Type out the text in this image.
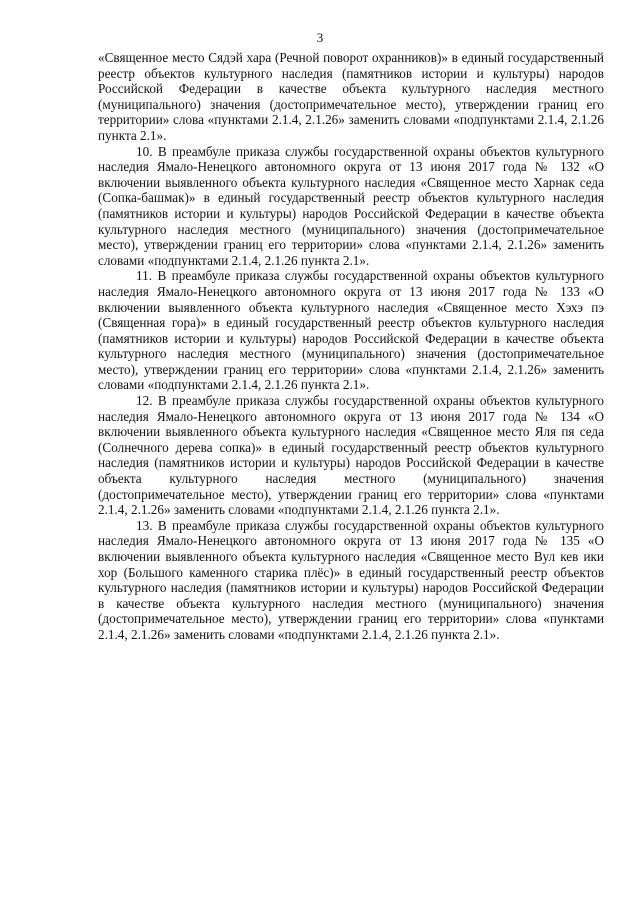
3

«Священное место Сядэй хара (Речной поворот охранников)» в единый государственный реестр объектов культурного наследия (памятников истории и культуры) народов Российской Федерации в качестве объекта культурного наследия местного (муниципального) значения (достопримечательное место), утверждении границ его территории» слова «пунктами 2.1.4, 2.1.26» заменить словами «подпунктами 2.1.4, 2.1.26 пункта 2.1».

10. В преамбуле приказа службы государственной охраны объектов культурного наследия Ямало-Ненецкого автономного округа от 13 июня 2017 года № 132 «О включении выявленного объекта культурного наследия «Священное место Харнак седа (Сопка-башмак)» в единый государственный реестр объектов культурного наследия (памятников истории и культуры) народов Российской Федерации в качестве объекта культурного наследия местного (муниципального) значения (достопримечательное место), утверждении границ его территории» слова «пунктами 2.1.4, 2.1.26» заменить словами «подпунктами 2.1.4, 2.1.26 пункта 2.1».

11. В преамбуле приказа службы государственной охраны объектов культурного наследия Ямало-Ненецкого автономного округа от 13 июня 2017 года № 133 «О включении выявленного объекта культурного наследия «Священное место Хэхэ пэ (Священная гора)» в единый государственный реестр объектов культурного наследия (памятников истории и культуры) народов Российской Федерации в качестве объекта культурного наследия местного (муниципального) значения (достопримечательное место), утверждении границ его территории» слова «пунктами 2.1.4, 2.1.26» заменить словами «подпунктами 2.1.4, 2.1.26 пункта 2.1».

12. В преамбуле приказа службы государственной охраны объектов культурного наследия Ямало-Ненецкого автономного округа от 13 июня 2017 года № 134 «О включении выявленного объекта культурного наследия «Священное место Яля пя седа (Солнечного дерева сопка)» в единый государственный реестр объектов культурного наследия (памятников истории и культуры) народов Российской Федерации в качестве объекта культурного наследия местного (муниципального) значения (достопримечательное место), утверждении границ его территории» слова «пунктами 2.1.4, 2.1.26» заменить словами «подпунктами 2.1.4, 2.1.26 пункта 2.1».

13. В преамбуле приказа службы государственной охраны объектов культурного наследия Ямало-Ненецкого автономного округа от 13 июня 2017 года № 135 «О включении выявленного объекта культурного наследия «Священное место Вул кев ики хор (Большого каменного старика плёс)» в единый государственный реестр объектов культурного наследия (памятников истории и культуры) народов Российской Федерации в качестве объекта культурного наследия местного (муниципального) значения (достопримечательное место), утверждении границ его территории» слова «пунктами 2.1.4, 2.1.26» заменить словами «подпунктами 2.1.4, 2.1.26 пункта 2.1».
